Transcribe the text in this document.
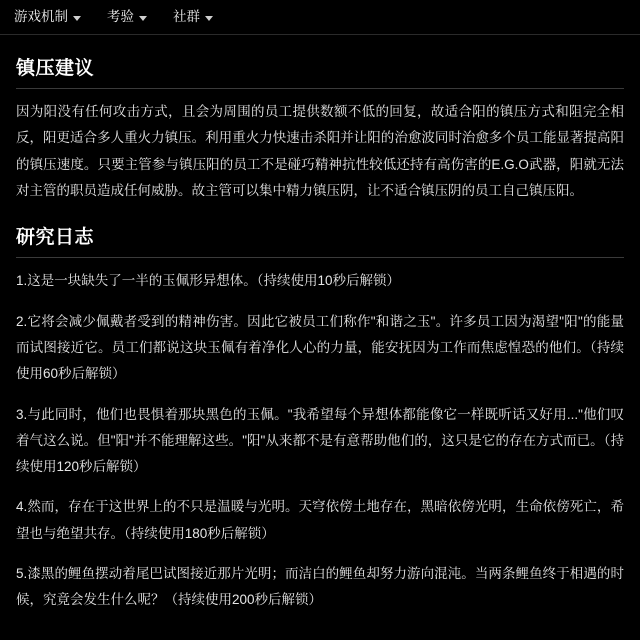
游戏机制	考验	社群
镇压建议

因为阳没有任何攻击方式，且会为周围的员工提供数额不低的回复，故适合阳的镇压方式和阻完全相反，阳更适合多人重火力镇压。利用重火力快速击杀阳并让阳的治愈波同时治愈多个员工能显著提高阳的镇压速度。只要主管参与镇压阳的员工不是碰巧精神抗性较低还持有高伤害的E.G.O武器，阳就无法对主管的职员造成任何威胁。故主管可以集中精力镇压阴，让不适合镇压阴的员工自己镇压阳。

研究日志
1.这是一块缺失了一半的玉佩形异想体。（持续使用10秒后解锁）
2.它将会减少佩戴者受到的精神伤害。因此它被员工们称作"和谐之玉"。许多员工因为渴望"阳"的能量而试图接近它。员工们都说这块玉佩有着净化人心的力量，能安抚因为工作而焦虑惶恐的他们。（持续使用60秒后解锁）
3.与此同时，他们也畏惧着那块黑色的玉佩。"我希望每个异想体都能像它一样既听话又好用..."他们叹着气这么说。但"阳"并不能理解这些。"阳"从来都不是有意帮助他们的，这只是它的存在方式而已。（持续使用120秒后解锁）
4.然而，存在于这世界上的不只是温暖与光明。天穹依傍土地存在，黑暗依傍光明，生命依傍死亡，希望也与绝望共存。（持续使用180秒后解锁）
5.漆黑的鲤鱼摆动着尾巴试图接近那片光明；而洁白的鲤鱼却努力游向混沌。当两条鲤鱼终于相遇的时候，究竟会发生什么呢？（持续使用200秒后解锁）
